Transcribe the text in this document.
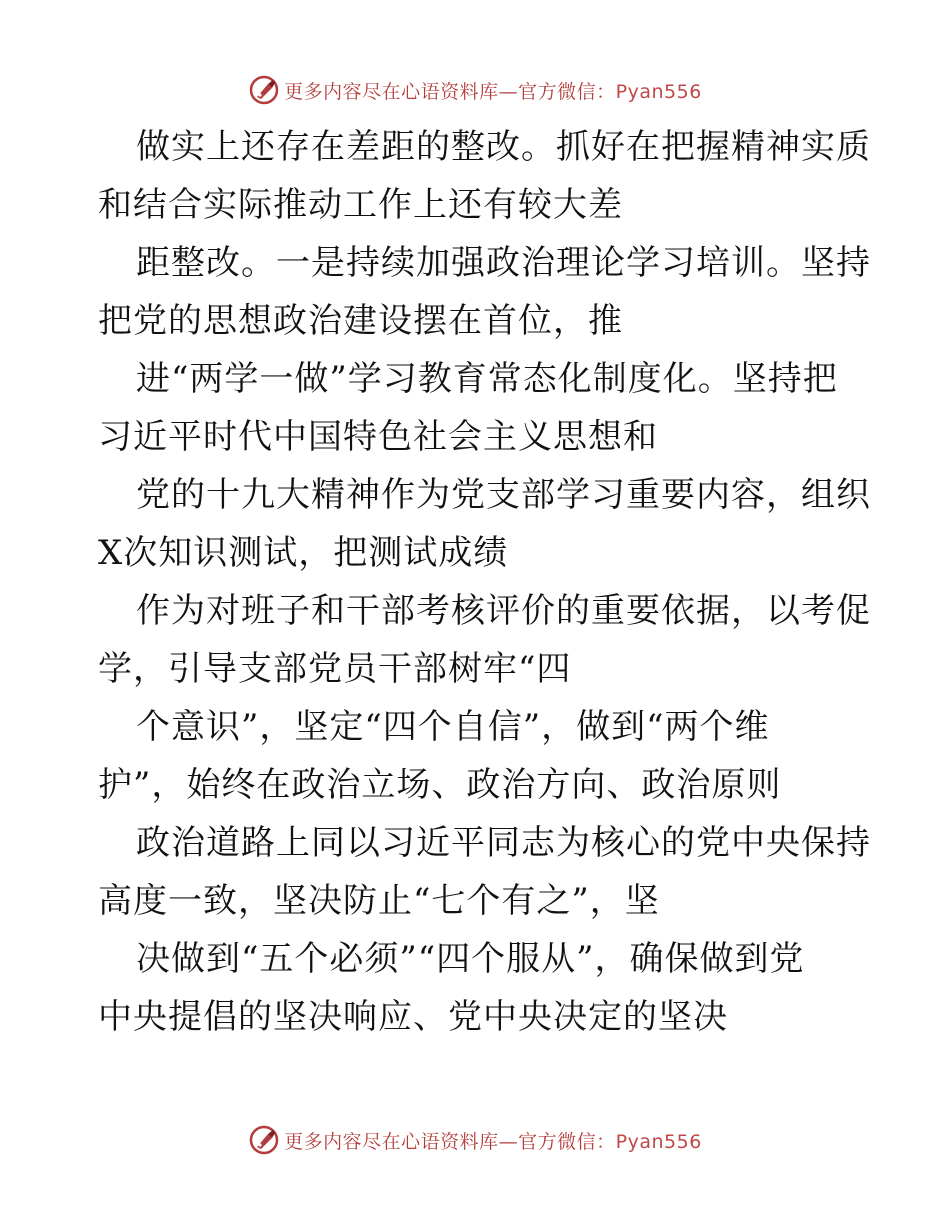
更多内容尽在心语资料库—官方微信：Pyan556

做实上还存在差距的整改。抓好在把握精神实质
和结合实际推动工作上还有较大差

距整改。一是持续加强政治理论学习培训。坚持
把党的思想政治建设摆在首位，推

进“两学一做”学习教育常态化制度化。坚持把
习近平时代中国特色社会主义思想和

党的十九大精神作为党支部学习重要内容，组织
X次知识测试，把测试成绩

作为对班子和干部考核评价的重要依据，以考促
学，引导支部党员干部树牢“四

个意识”，坚定“四个自信”，做到“两个维
护”，始终在政治立场、政治方向、政治原则

政治道路上同以习近平同志为核心的党中央保持
高度一致，坚决防止“七个有之”，坚

决做到“五个必须”“四个服从”，确保做到党
中央提倡的坚决响应、党中央决定的坚决

更多内容尽在心语资料库—官方微信：Pyan556
